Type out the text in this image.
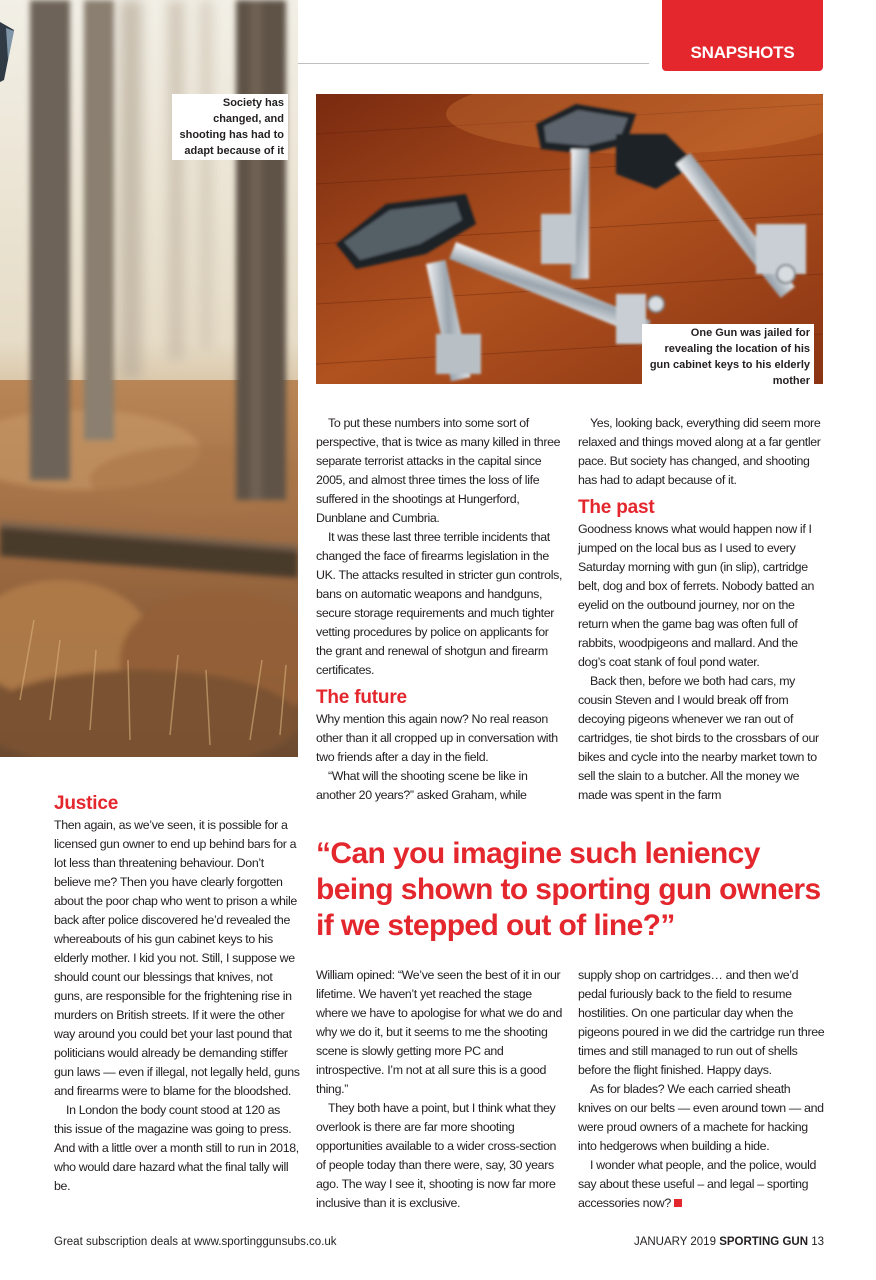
SNAPSHOTS
Society has changed, and shooting has had to adapt because of it
One Gun was jailed for revealing the location of his gun cabinet keys to his elderly mother
Justice

Then again, as we’ve seen, it is possible for a licensed gun owner to end up behind bars for a lot less than threatening behaviour. Don’t believe me? Then you have clearly forgotten about the poor chap who went to prison a while back after police discovered he’d revealed the whereabouts of his gun cabinet keys to his elderly mother. I kid you not. Still, I suppose we should count our blessings that knives, not guns, are responsible for the frightening rise in murders on British streets. If it were the other way around you could bet your last pound that politicians would already be demanding stiffer gun laws — even if illegal, not legally held, guns and firearms were to blame for the bloodshed.

In London the body count stood at 120 as this issue of the magazine was going to press. And with a little over a month still to run in 2018, who would dare hazard what the final tally will be.

To put these numbers into some sort of perspective, that is twice as many killed in three separate terrorist attacks in the capital since 2005, and almost three times the loss of life suffered in the shootings at Hungerford, Dunblane and Cumbria.

It was these last three terrible incidents that changed the face of firearms legislation in the UK. The attacks resulted in stricter gun controls, bans on automatic weapons and handguns, secure storage requirements and much tighter vetting procedures by police on applicants for the grant and renewal of shotgun and firearm certificates.

The future

Why mention this again now? No real reason other than it all cropped up in conversation with two friends after a day in the field.

“What will the shooting scene be like in another 20 years?” asked Graham, while

Yes, looking back, everything did seem more relaxed and things moved along at a far gentler pace. But society has changed, and shooting has had to adapt because of it.

The past

Goodness knows what would happen now if I jumped on the local bus as I used to every Saturday morning with gun (in slip), cartridge belt, dog and box of ferrets. Nobody batted an eyelid on the outbound journey, nor on the return when the game bag was often full of rabbits, woodpigeons and mallard. And the dog’s coat stank of foul pond water.

Back then, before we both had cars, my cousin Steven and I would break off from decoying pigeons whenever we ran out of cartridges, tie shot birds to the crossbars of our bikes and cycle into the nearby market town to sell the slain to a butcher. All the money we made was spent in the farm

“Can you imagine such leniency being shown to sporting gun owners if we stepped out of line?”

William opined: “We’ve seen the best of it in our lifetime. We haven’t yet reached the stage where we have to apologise for what we do and why we do it, but it seems to me the shooting scene is slowly getting more PC and introspective. I’m not at all sure this is a good thing.”

They both have a point, but I think what they overlook is there are far more shooting opportunities available to a wider cross-section of people today than there were, say, 30 years ago. The way I see it, shooting is now far more inclusive than it is exclusive.

supply shop on cartridges… and then we’d pedal furiously back to the field to resume hostilities. On one particular day when the pigeons poured in we did the cartridge run three times and still managed to run out of shells before the flight finished. Happy days.

As for blades? We each carried sheath knives on our belts — even around town — and were proud owners of a machete for hacking into hedgerows when building a hide.

I wonder what people, and the police, would say about these useful – and legal – sporting accessories now?

Great subscription deals at www.sportinggunsubs.co.uk	JANUARY 2019 SPORTING GUN 13
